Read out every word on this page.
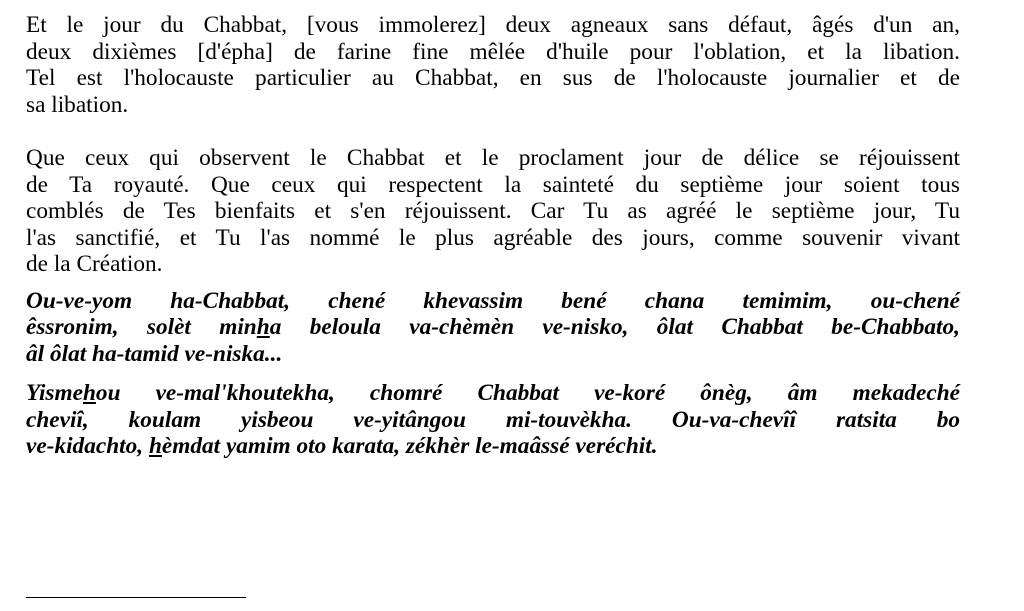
Et le jour du Chabbat, [vous immolerez] deux agneaux sans défaut, âgés d'un an,
deux dixièmes [d'épha] de farine fine mêlée d'huile pour l'oblation, et la libation.
Tel est l'holocauste particulier au Chabbat, en sus de l'holocauste journalier et de
sa libation.

Que ceux qui observent le Chabbat et le proclament jour de délice se réjouissent
de Ta royauté. Que ceux qui respectent la sainteté du septième jour soient tous
comblés de Tes bienfaits et s'en réjouissent. Car Tu as agréé le septième jour, Tu
l'as sanctifié, et Tu l'as nommé le plus agréable des jours, comme souvenir vivant
de la Création.

Ou-ve-yom ha-Chabbat, chené khevassim bené chana temimim, ou-chené
êssronim, solèt minha beloula va-chèmèn ve-nisko, ôlat Chabbat be-Chabbato,
âl ôlat ha-tamid ve-niska...

Yismehou ve-mal'khoutekha, chomré Chabbat ve-koré ônèg, âm mekadeché
cheviî, koulam yisbeou ve-yitângou mi-touvèkha. Ou-va-chevîî ratsita bo
ve-kidachto, hèmdat yamim oto karata, zékhèr le-maâssé veréchit.
